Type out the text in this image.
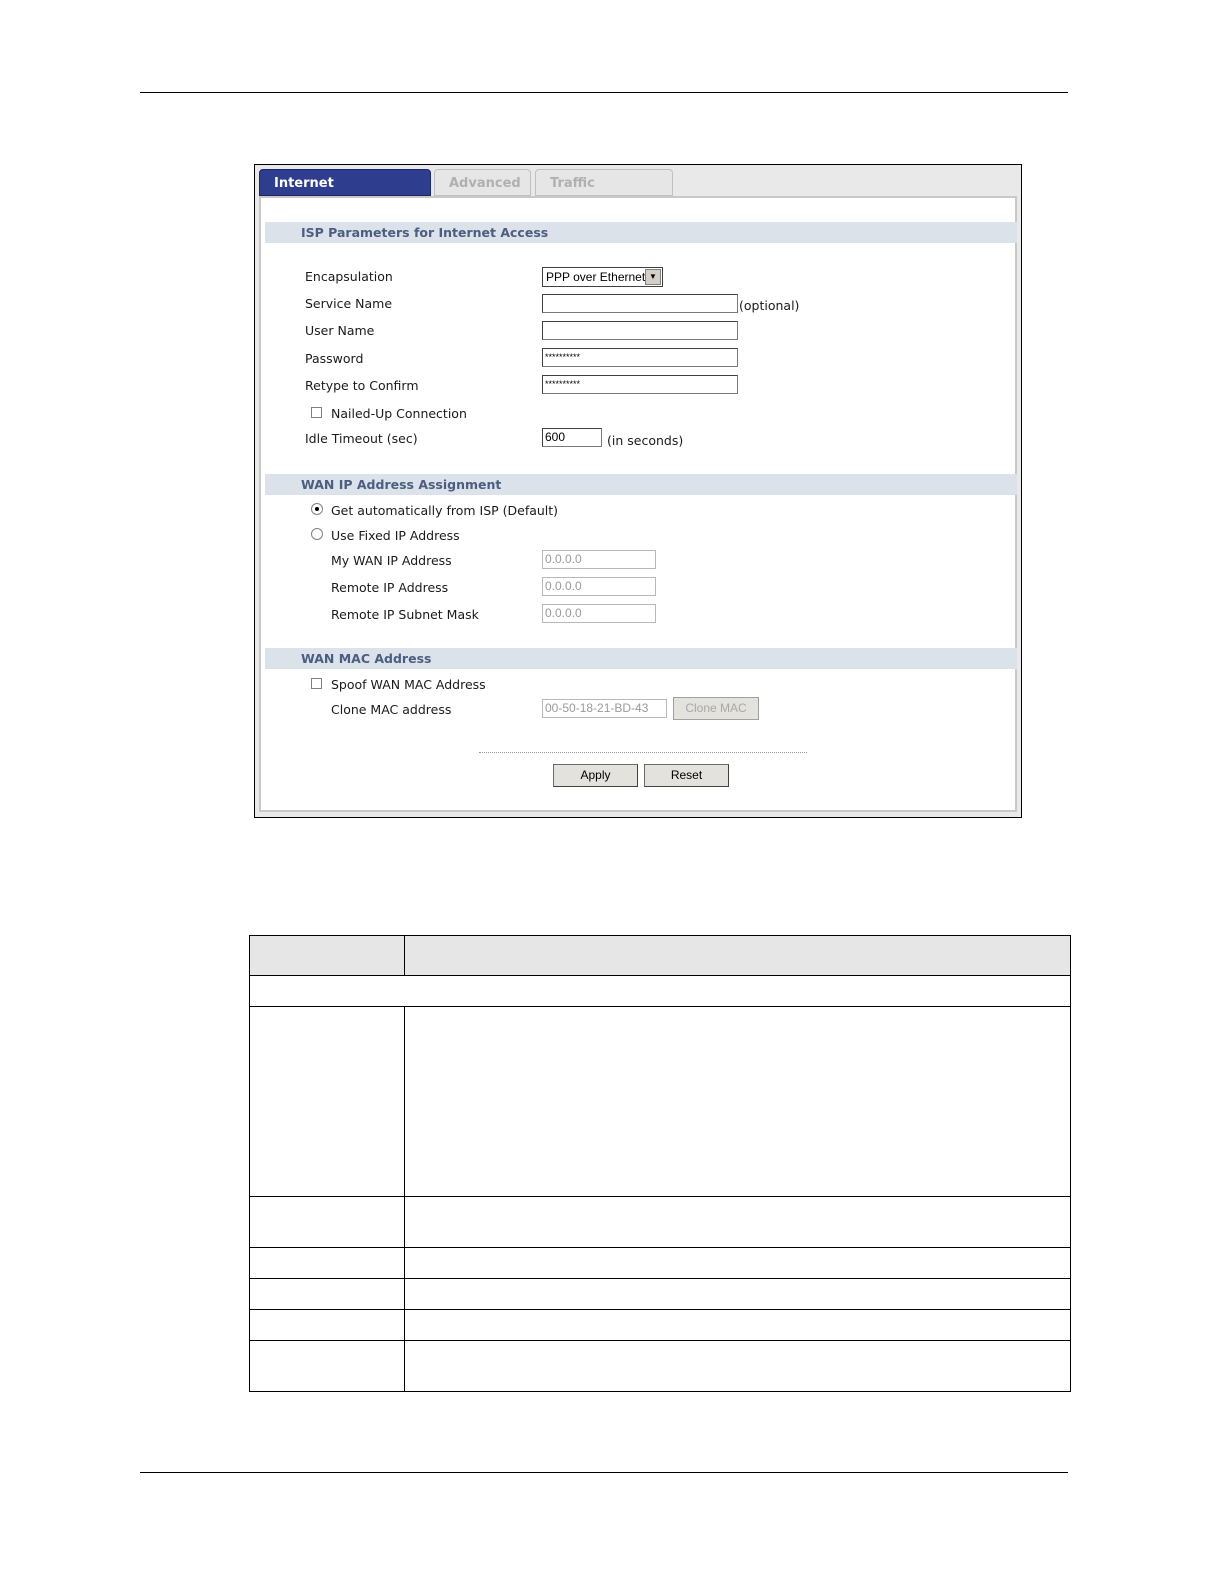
Internet	Advanced	Traffic
ISP Parameters for Internet Access
Encapsulation	PPP over Ethernet ▼
Service Name	(optional)
User Name
Password	**********
Retype to Confirm	**********
Nailed-Up Connection
Idle Timeout (sec)	600	(in seconds)
WAN IP Address Assignment
Get automatically from ISP (Default)
Use Fixed IP Address
My WAN IP Address	0.0.0.0
Remote IP Address	0.0.0.0
Remote IP Subnet Mask	0.0.0.0
WAN MAC Address
Spoof WAN MAC Address
Clone MAC address	00-50-18-21-BD-43	Clone MAC
Apply	Reset
